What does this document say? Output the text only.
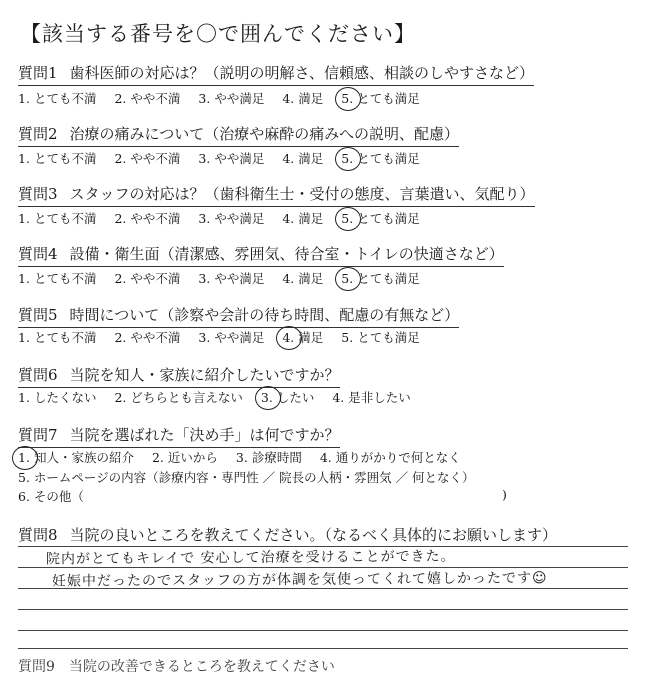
【該当する番号を〇で囲んでください】
質問1 歯科医師の対応は？（説明の明解さ、信頼感、相談のしやすさなど）
1. とても不満 2. やや不満 3. やや満足 4. 満足 5. とても満足
質問2 治療の痛みについて（治療や麻酔の痛みへの説明、配慮）
1. とても不満 2. やや不満 3. やや満足 4. 満足 5. とても満足
質問3 スタッフの対応は？（歯科衛生士・受付の態度、言葉遣い、気配り）
1. とても不満 2. やや不満 3. やや満足 4. 満足 5. とても満足
質問4 設備・衛生面（清潔感、雰囲気、待合室・トイレの快適さなど）
1. とても不満 2. やや不満 3. やや満足 4. 満足 5. とても満足
質問5 時間について（診察や会計の待ち時間、配慮の有無など）
1. とても不満 2. やや不満 3. やや満足 4. 満足 5. とても満足
質問6 当院を知人・家族に紹介したいですか？
1. したくない 2. どちらとも言えない 3. したい 4. 是非したい
質問7 当院を選ばれた「決め手」は何ですか？
1. 知人・家族の紹介 2. 近いから 3. 診療時間 4. 通りがかりで何となく
5. ホームページの内容（診療内容・専門性 ／ 院長の人柄・雰囲気 ／ 何となく）
6. その他（	)
質問8 当院の良いところを教えてください。（なるべく具体的にお願いします）
院内がとてもキレイで 安心して治療を受けることができた。
妊娠中だったのでスタッフの方が体調を気使ってくれて嬉しかったです☺
質問9　当院の改善できるところを教えてください
